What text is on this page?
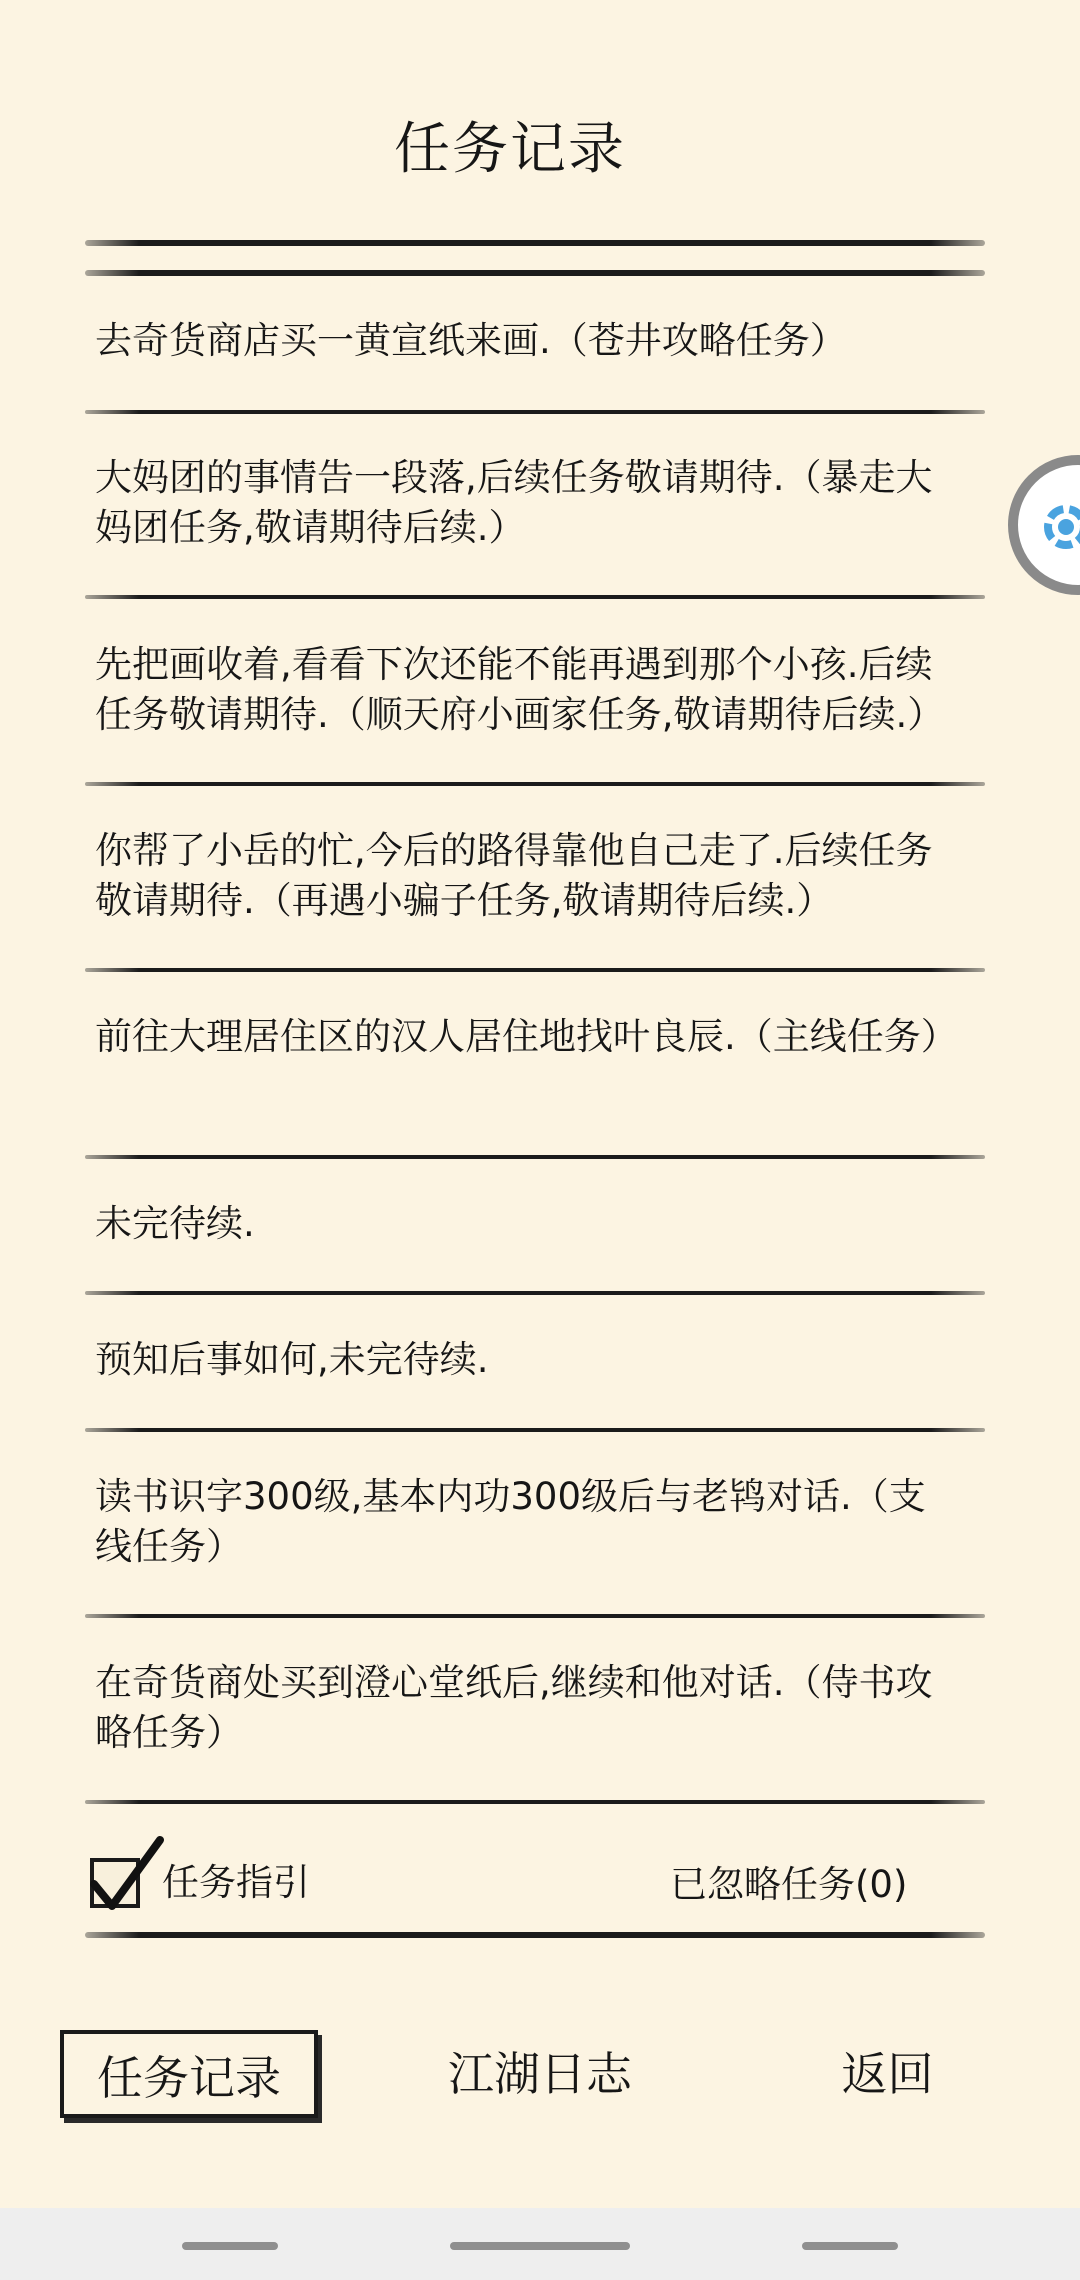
任务记录
去奇货商店买一黄宣纸来画.（苍井攻略任务）
大妈团的事情告一段落,后续任务敬请期待.（暴走大妈团任务,敬请期待后续.）
先把画收着,看看下次还能不能再遇到那个小孩.后续任务敬请期待.（顺天府小画家任务,敬请期待后续.）
你帮了小岳的忙,今后的路得靠他自己走了.后续任务敬请期待.（再遇小骗子任务,敬请期待后续.）
前往大理居住区的汉人居住地找叶良辰.（主线任务）
未完待续.
预知后事如何,未完待续.
读书识字300级,基本内功300级后与老鸨对话.（支线任务）
在奇货商处买到澄心堂纸后,继续和他对话.（侍书攻略任务）
任务指引	已忽略任务(0)
任务记录	江湖日志	返回
